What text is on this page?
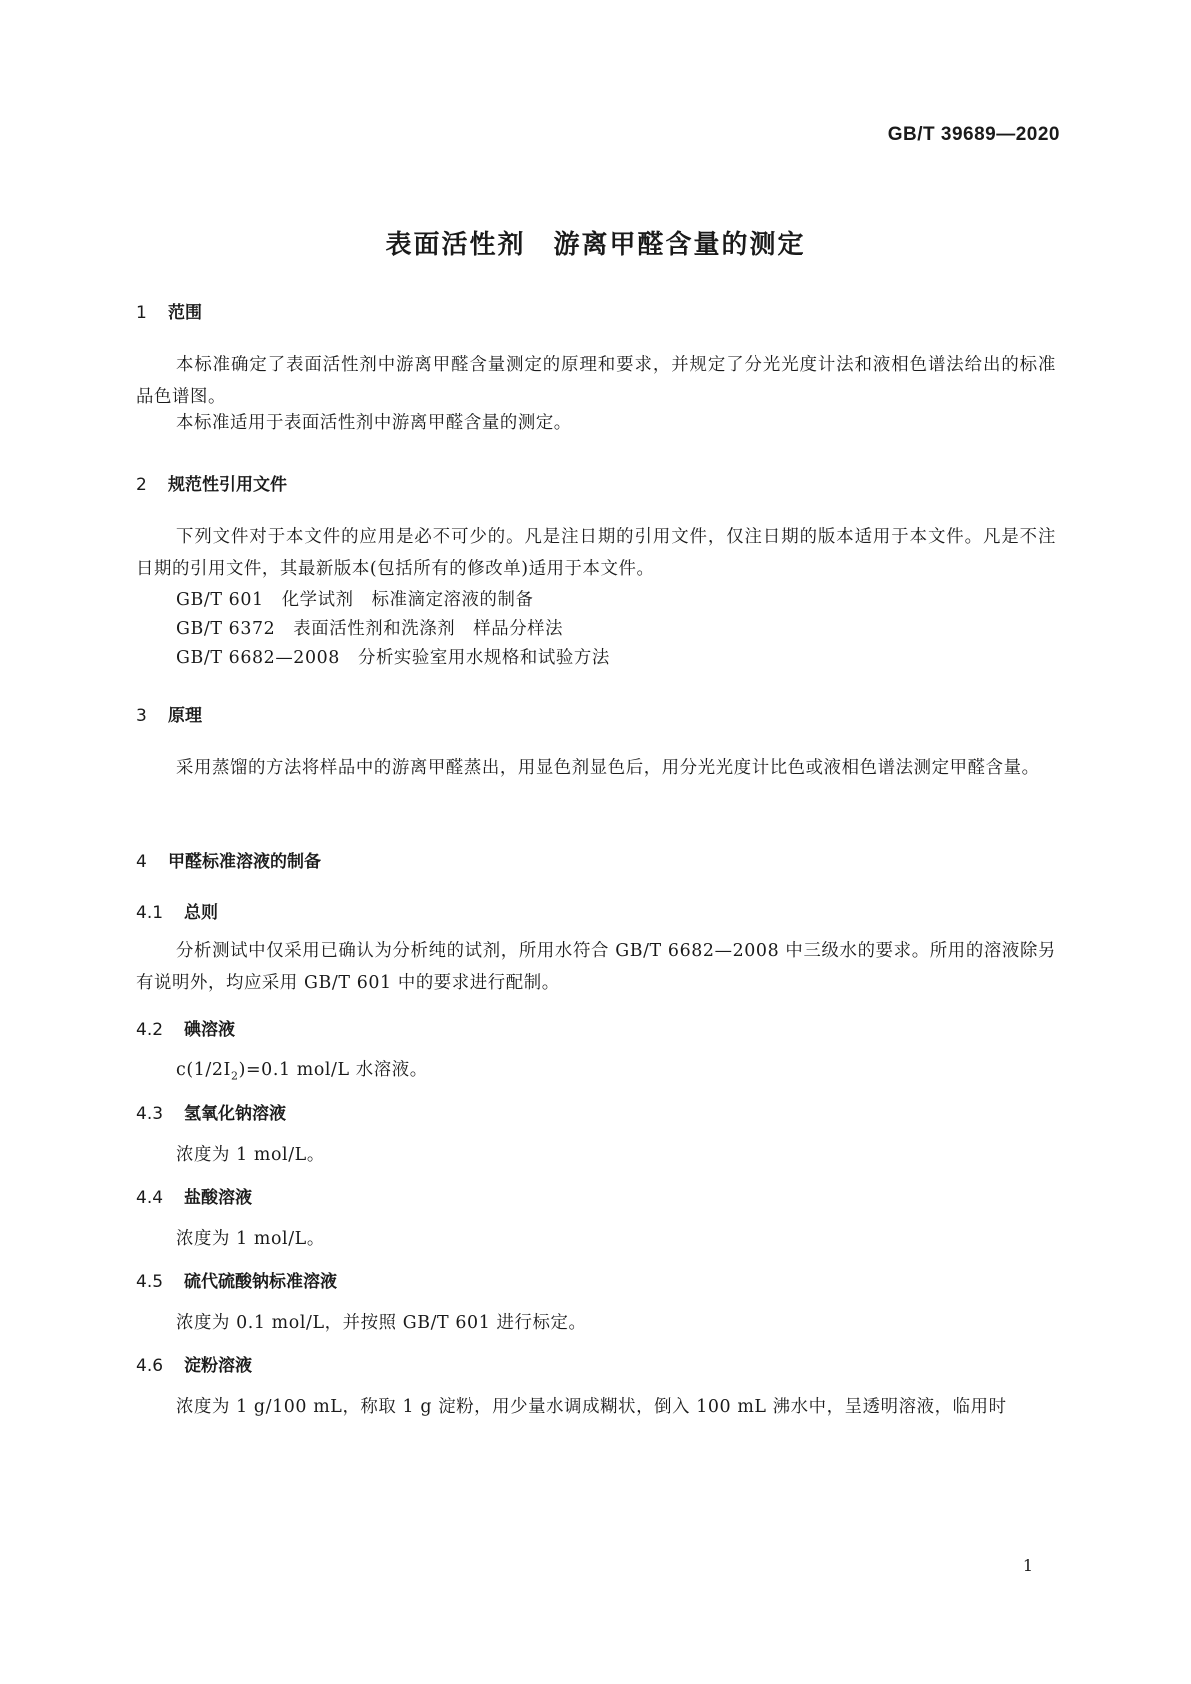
GB/T 39689—2020
表面活性剂　游离甲醛含量的测定
1 范围

本标准确定了表面活性剂中游离甲醛含量测定的原理和要求，并规定了分光光度计法和液相色谱法给出的标准品色谱图。

本标准适用于表面活性剂中游离甲醛含量的测定。

2 规范性引用文件

下列文件对于本文件的应用是必不可少的。凡是注日期的引用文件，仅注日期的版本适用于本文件。凡是不注日期的引用文件，其最新版本(包括所有的修改单)适用于本文件。

GB/T 601　化学试剂　标准滴定溶液的制备
GB/T 6372　表面活性剂和洗涤剂　样品分样法
GB/T 6682—2008　分析实验室用水规格和试验方法
3 原理

采用蒸馏的方法将样品中的游离甲醛蒸出，用显色剂显色后，用分光光度计比色或液相色谱法测定甲醛含量。

4 甲醛标准溶液的制备
4.1 总则

分析测试中仅采用已确认为分析纯的试剂，所用水符合 GB/T 6682—2008 中三级水的要求。所用的溶液除另有说明外，均应采用 GB/T 601 中的要求进行配制。

4.2 碘溶液
$c(1/2I_2)=0.1$ mol/L 水溶液。
4.3 氢氧化钠溶液
浓度为 1 mol/L。
4.4 盐酸溶液
浓度为 1 mol/L。
4.5 硫代硫酸钠标准溶液
浓度为 0.1 mol/L，并按照 GB/T 601 进行标定。
4.6 淀粉溶液
浓度为 1 g/100 mL，称取 1 g 淀粉，用少量水调成糊状，倒入 100 mL 沸水中，呈透明溶液，临用时
1
